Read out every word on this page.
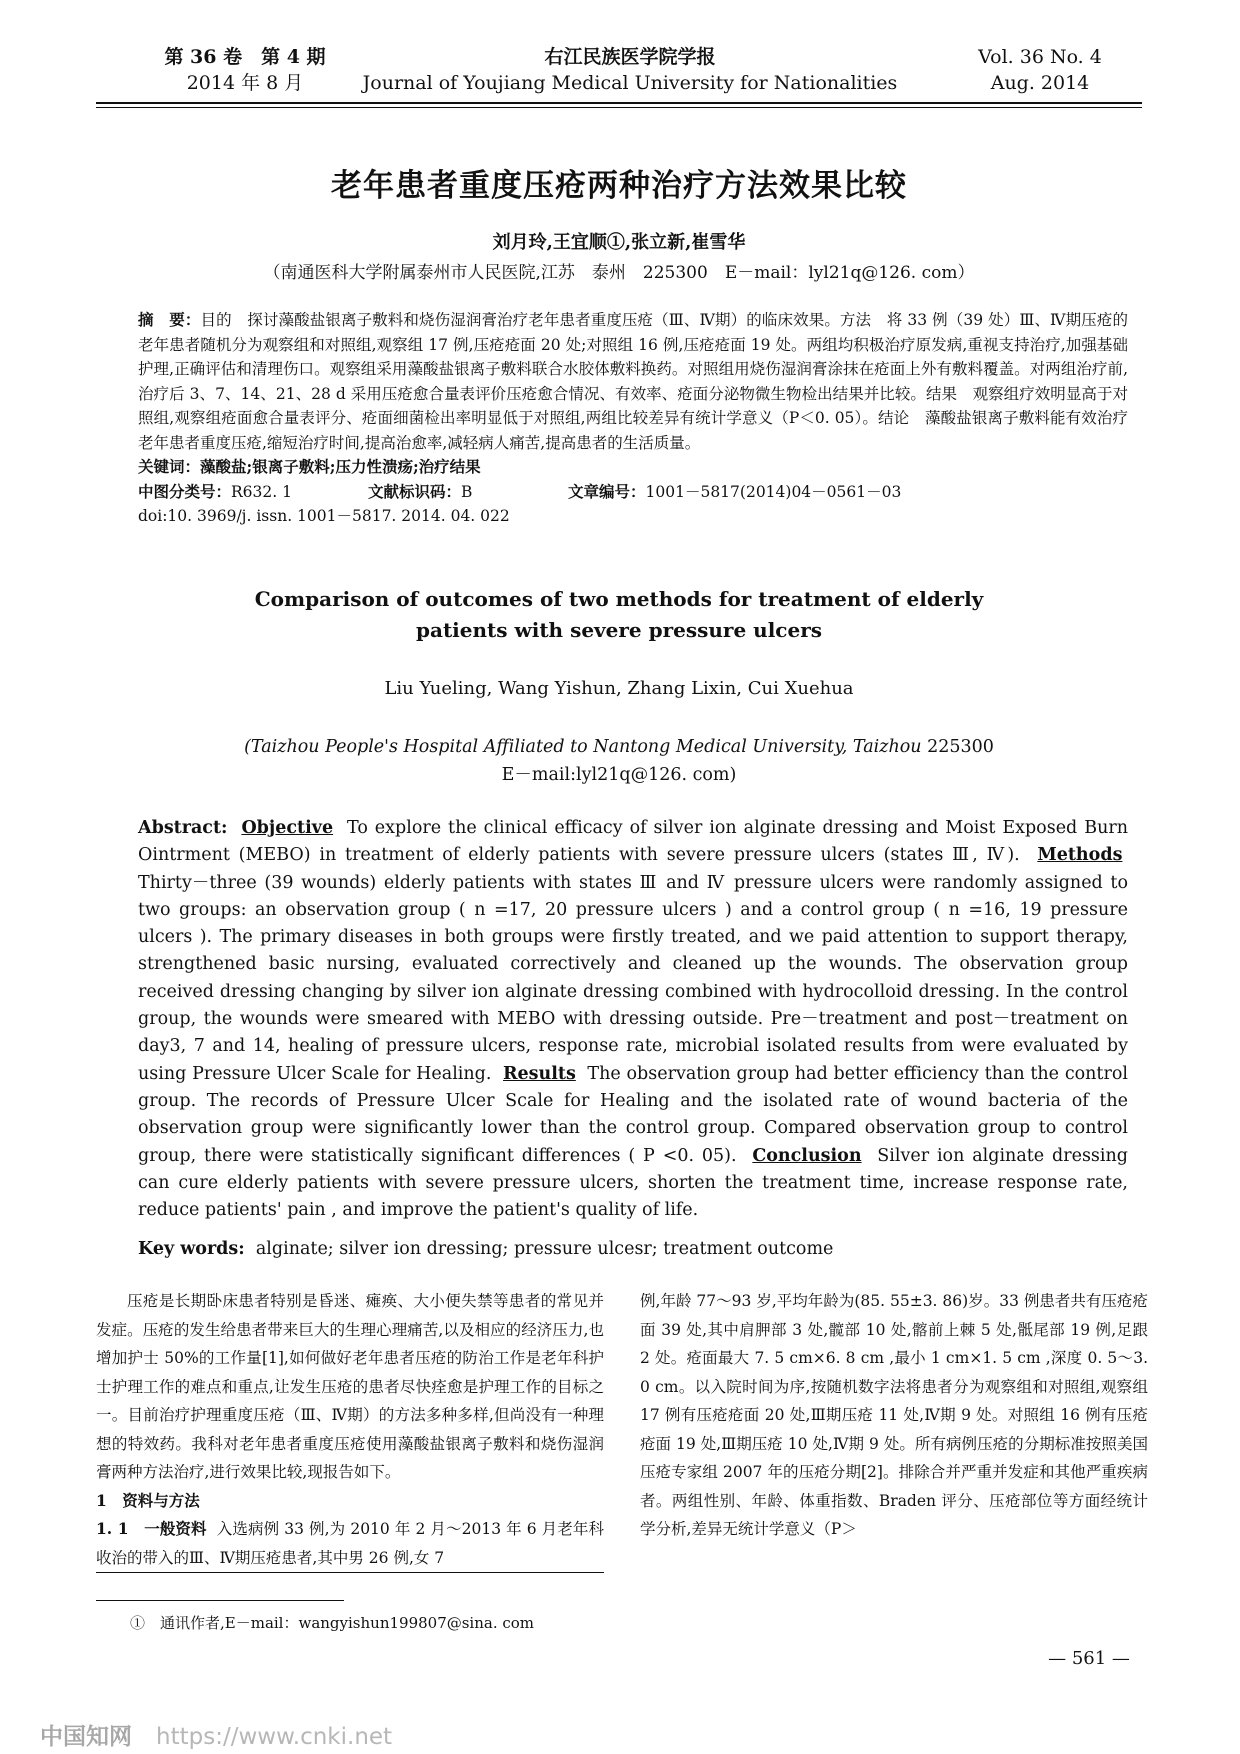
第 36 卷　第 4 期
2014 年 8 月
右江民族医学院学报
Journal of Youjiang Medical University for Nationalities
Vol. 36 No. 4
Aug. 2014
老年患者重度压疮两种治疗方法效果比较
刘月玲,王宜顺①,张立新,崔雪华
（南通医科大学附属泰州市人民医院,江苏　泰州　225300　E－mail：lyl21q@126. com）

摘　要：目的　探讨藻酸盐银离子敷料和烧伤湿润膏治疗老年患者重度压疮（Ⅲ、Ⅳ期）的临床效果。方法　将 33 例（39 处）Ⅲ、Ⅳ期压疮的老年患者随机分为观察组和对照组,观察组 17 例,压疮疮面 20 处;对照组 16 例,压疮疮面 19 处。两组均积极治疗原发病,重视支持治疗,加强基础护理,正确评估和清理伤口。观察组采用藻酸盐银离子敷料联合水胶体敷料换药。对照组用烧伤湿润膏涂抹在疮面上外有敷料覆盖。对两组治疗前,治疗后 3、7、14、21、28 d 采用压疮愈合量表评价压疮愈合情况、有效率、疮面分泌物微生物检出结果并比较。结果　观察组疗效明显高于对照组,观察组疮面愈合量表评分、疮面细菌检出率明显低于对照组,两组比较差异有统计学意义（P＜0. 05）。结论　藻酸盐银离子敷料能有效治疗老年患者重度压疮,缩短治疗时间,提高治愈率,减轻病人痛苦,提高患者的生活质量。

关键词：藻酸盐;银离子敷料;压力性溃疡;治疗结果

中图分类号：R632. 1	文献标识码：B	文章编号：1001－5817(2014)04－0561－03

doi:10. 3969/j. issn. 1001－5817. 2014. 04. 022

Comparison of outcomes of two methods for treatment of elderly
patients with severe pressure ulcers
Liu Yueling, Wang Yishun, Zhang Lixin, Cui Xuehua
(Taizhou People's Hospital Affiliated to Nantong Medical University, Taizhou 225300
E－mail:lyl21q@126. com)
Abstract: Objective To explore the clinical efficacy of silver ion alginate dressing and Moist Exposed Burn Ointrment (MEBO) in treatment of elderly patients with severe pressure ulcers (states Ⅲ, Ⅳ). Methods  Thirty－three (39 wounds) elderly patients with states Ⅲ and Ⅳ pressure ulcers were randomly assigned to two groups: an observation group ( n =17, 20 pressure ulcers ) and a control group ( n =16, 19 pressure ulcers ). The primary diseases in both groups were firstly treated, and we paid attention to support therapy, strengthened basic nursing, evaluated correctively and cleaned up the wounds. The observation group received dressing changing by silver ion alginate dressing combined with hydrocolloid dressing. In the control group, the wounds were smeared with MEBO with dressing outside. Pre－treatment and post－treatment on day3, 7 and 14, healing of pressure ulcers, response rate, microbial isolated results from were evaluated by using Pressure Ulcer Scale for Healing. Results The observation group had better efficiency than the control group. The records of Pressure Ulcer Scale for Healing and the isolated rate of wound bacteria of the observation group were significantly lower than the control group. Compared observation group to control group, there were statistically significant differences ( P <0. 05). Conclusion Silver ion alginate dressing can cure elderly patients with severe pressure ulcers, shorten the treatment time, increase response rate, reduce patients' pain , and improve the patient's quality of life.
Key words: alginate; silver ion dressing; pressure ulcesr; treatment outcome

压疮是长期卧床患者特别是昏迷、瘫痪、大小便失禁等患者的常见并发症。压疮的发生给患者带来巨大的生理心理痛苦,以及相应的经济压力,也增加护士 50%的工作量[1],如何做好老年患者压疮的防治工作是老年科护士护理工作的难点和重点,让发生压疮的患者尽快痊愈是护理工作的目标之一。目前治疗护理重度压疮（Ⅲ、Ⅳ期）的方法多种多样,但尚没有一种理想的特效药。我科对老年患者重度压疮使用藻酸盐银离子敷料和烧伤湿润膏两种方法治疗,进行效果比较,现报告如下。

1　资料与方法

1. 1　一般资料 入选病例 33 例,为 2010 年 2 月～2013 年 6 月老年科收治的带入的Ⅲ、Ⅳ期压疮患者,其中男 26 例,女 7

例,年龄 77～93 岁,平均年龄为(85. 55±3. 86)岁。33 例患者共有压疮疮面 39 处,其中肩胛部 3 处,髋部 10 处,髂前上棘 5 处,骶尾部 19 例,足跟 2 处。疮面最大 7. 5 cm×6. 8 cm ,最小 1 cm×1. 5 cm ,深度 0. 5～3. 0 cm。以入院时间为序,按随机数字法将患者分为观察组和对照组,观察组 17 例有压疮疮面 20 处,Ⅲ期压疮 11 处,Ⅳ期 9 处。对照组 16 例有压疮疮面 19 处,Ⅲ期压疮 10 处,Ⅳ期 9 处。所有病例压疮的分期标准按照美国压疮专家组 2007 年的压疮分期[2]。排除合并严重并发症和其他严重疾病者。两组性别、年龄、体重指数、Braden 评分、压疮部位等方面经统计学分析,差异无统计学意义（P＞

①　通讯作者,E－mail：wangyishun199807@sina. com
— 561 —
中国知网 https://www.cnki.net
